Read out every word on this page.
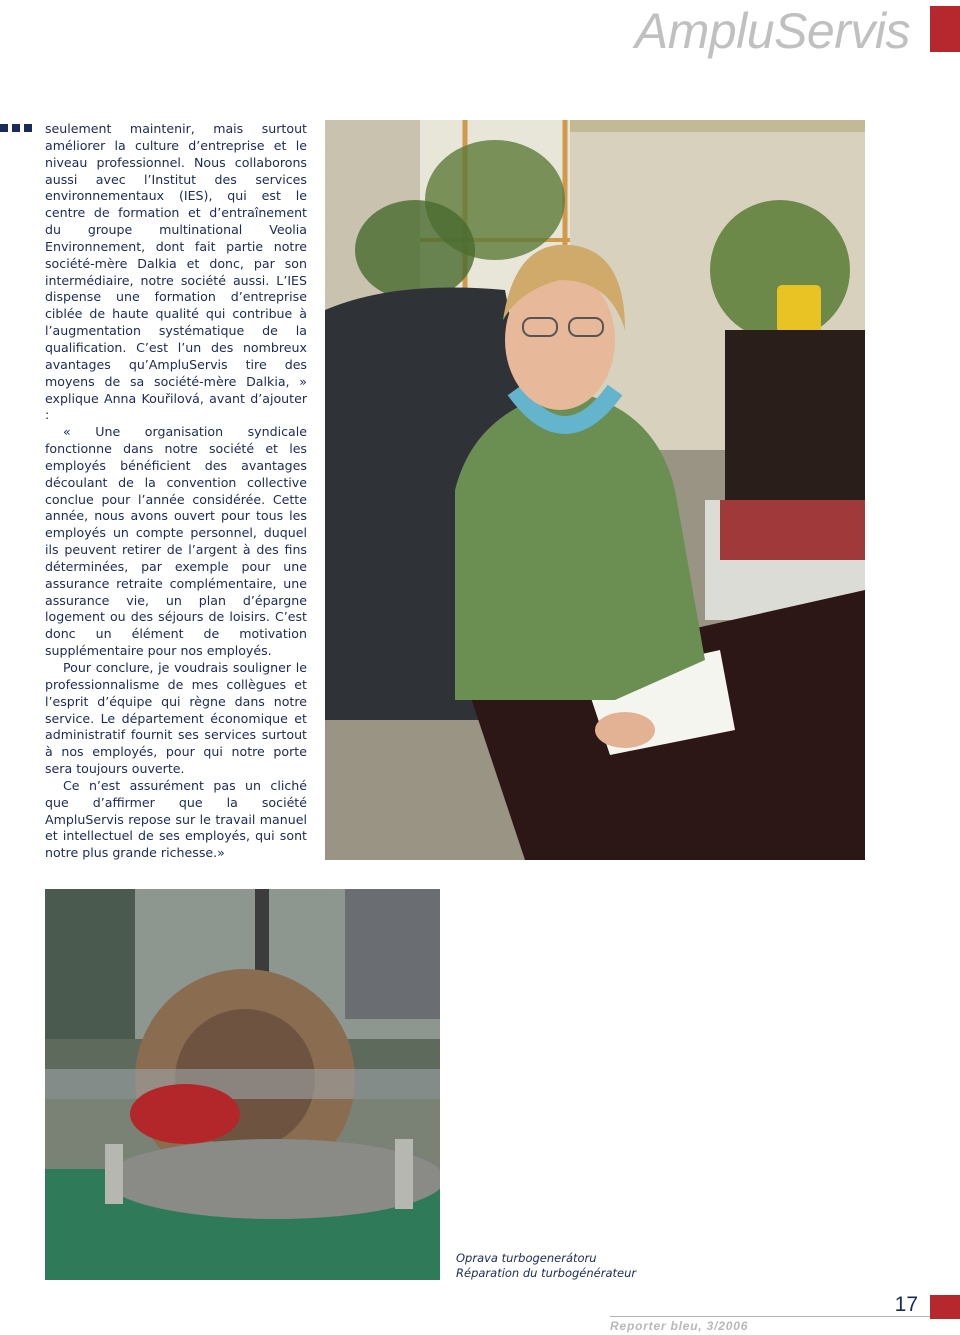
AmpluServis

seulement maintenir, mais surtout améliorer la culture d’entreprise et le niveau professionnel. Nous collaborons aussi avec l’Institut des services environnementaux (IES), qui est le centre de formation et d’entraînement du groupe multinational Veolia Environnement, dont fait partie notre société-mère Dalkia et donc, par son intermédiaire, notre société aussi. L’IES dispense une formation d’entreprise ciblée de haute qualité qui contribue à l’augmentation systématique de la qualification. C’est l’un des nombreux avantages qu’AmpluServis tire des moyens de sa société-mère Dalkia, » explique Anna Kouřilová, avant d’ajouter :

« Une organisation syndicale fonctionne dans notre société et les employés bénéficient des avantages découlant de la convention collective conclue pour l’année considérée. Cette année, nous avons ouvert pour tous les employés un compte personnel, duquel ils peuvent retirer de l’argent à des fins déterminées, par exemple pour une assurance retraite complémentaire, une assurance vie, un plan d’épargne logement ou des séjours de loisirs. C’est donc un élément de motivation supplémentaire pour nos employés.

Pour conclure, je voudrais souligner le professionnalisme de mes collègues et l’esprit d’équipe qui règne dans notre service. Le département économique et administratif fournit ses services surtout à nos employés, pour qui notre porte sera toujours ouverte.

Ce n’est assurément pas un cliché que d’affirmer que la société AmpluServis repose sur le travail manuel et intellectuel de ses employés, qui sont notre plus grande richesse.»

Oprava turbogenerátoru
Réparation du turbogénérateur
Reporter bleu, 3/2006
17
